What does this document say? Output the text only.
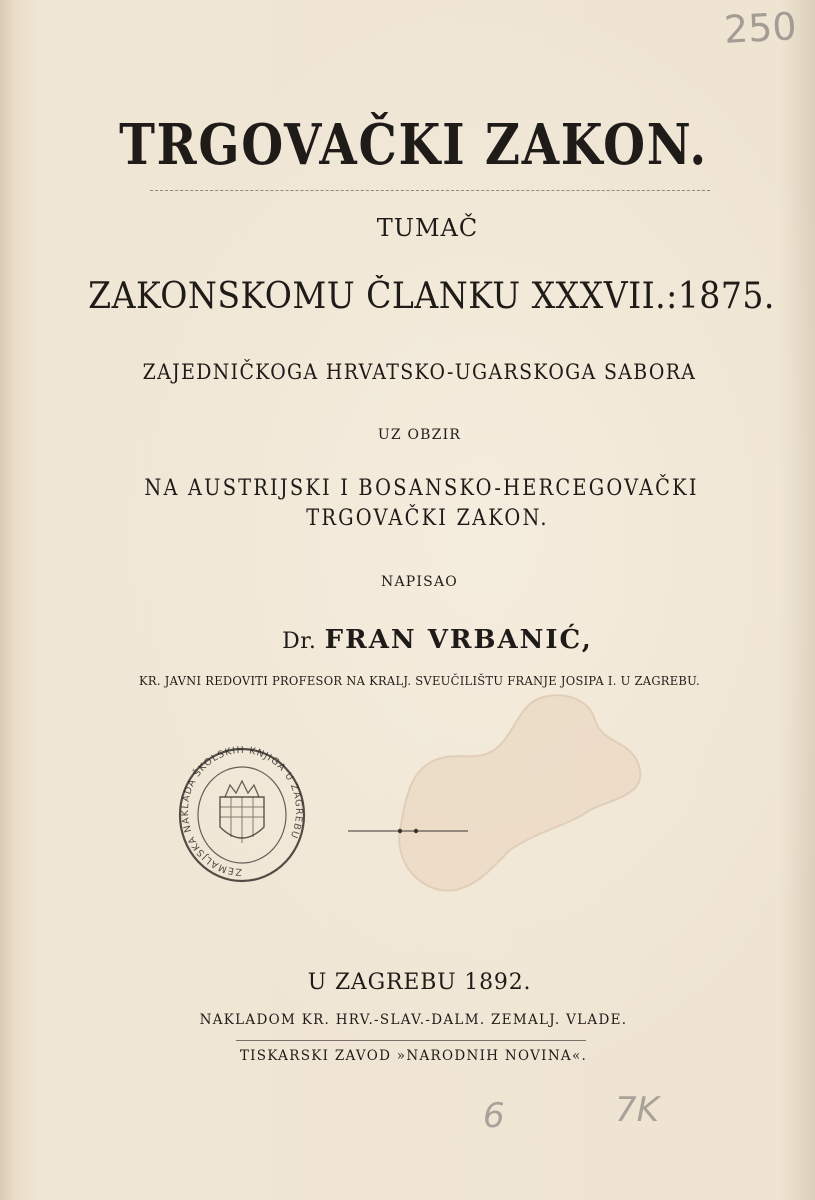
TRGOVAČKI ZAKON.
TUMAČ
ZAKONSKOMU ČLANKU XXXVII.:1875.
ZAJEDNIČKOGA HRVATSKO-UGARSKOGA SABORA
UZ OBZIR
NA AUSTRIJSKI I BOSANSKO-HERCEGOVAČKI
TRGOVAČKI ZAKON.
NAPISAO
Dr. FRAN VRBANIĆ,
KR. JAVNI REDOVITI PROFESOR NA KRALJ. SVEUČILIŠTU FRANJE JOSIPA I. U ZAGREBU.
ZEMALJSKA NAKLADA ŠKOLSKIH KNJIGA U ZAGREBU
U ZAGREBU 1892.
NAKLADOM KR. HRV.-SLAV.-DALM. ZEMALJ. VLADE.
TISKARSKI ZAVOD »NARODNIH NOVINA«.
250
6	7K
